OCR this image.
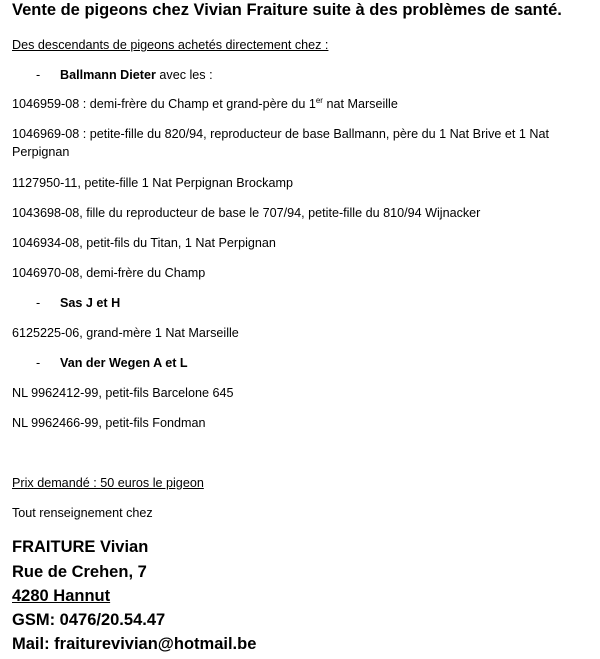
Vente de pigeons chez Vivian Fraiture suite à des problèmes de santé.
Des descendants de pigeons achetés directement chez :
- Ballmann Dieter avec les :
1046959-08 : demi-frère du Champ et grand-père du 1er nat Marseille
1046969-08 : petite-fille du 820/94, reproducteur de base Ballmann, père du 1 Nat Brive et 1 Nat Perpignan
1127950-11, petite-fille 1 Nat Perpignan Brockamp
1043698-08, fille du reproducteur de base le 707/94, petite-fille du 810/94 Wijnacker
1046934-08, petit-fils du Titan, 1 Nat Perpignan
1046970-08, demi-frère du Champ
- Sas J et H
6125225-06, grand-mère 1 Nat Marseille
- Van der Wegen A et L
NL 9962412-99, petit-fils Barcelone 645
NL 9962466-99, petit-fils Fondman
Prix demandé : 50 euros le pigeon
Tout renseignement chez
FRAITURE Vivian
Rue de Crehen, 7
4280 Hannut
GSM: 0476/20.54.47
Mail: fraiturevivian@hotmail.be
